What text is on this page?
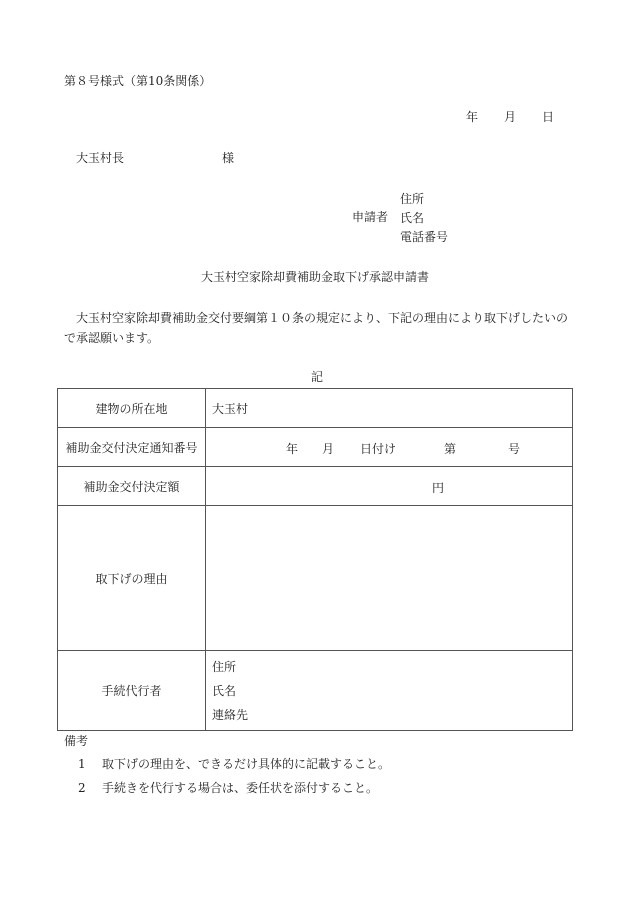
第８号様式（第10条関係）
年 月 日
大玉村長	様
申請者
住所
氏名
電話番号
大玉村空家除却費補助金取下げ承認申請書
大玉村空家除却費補助金交付要綱第１０条の規定により、下記の理由により取下げしたいので承認願います。
記
建物の所在地	大玉村
補助金交付決定通知番号	年 月 日付け 第 号

補助金交付決定額	円

取下げの理由	
手続代行者	住所
氏名
連絡先
備考
1 取下げの理由を、できるだけ具体的に記載すること。
2 手続きを代行する場合は、委任状を添付すること。
